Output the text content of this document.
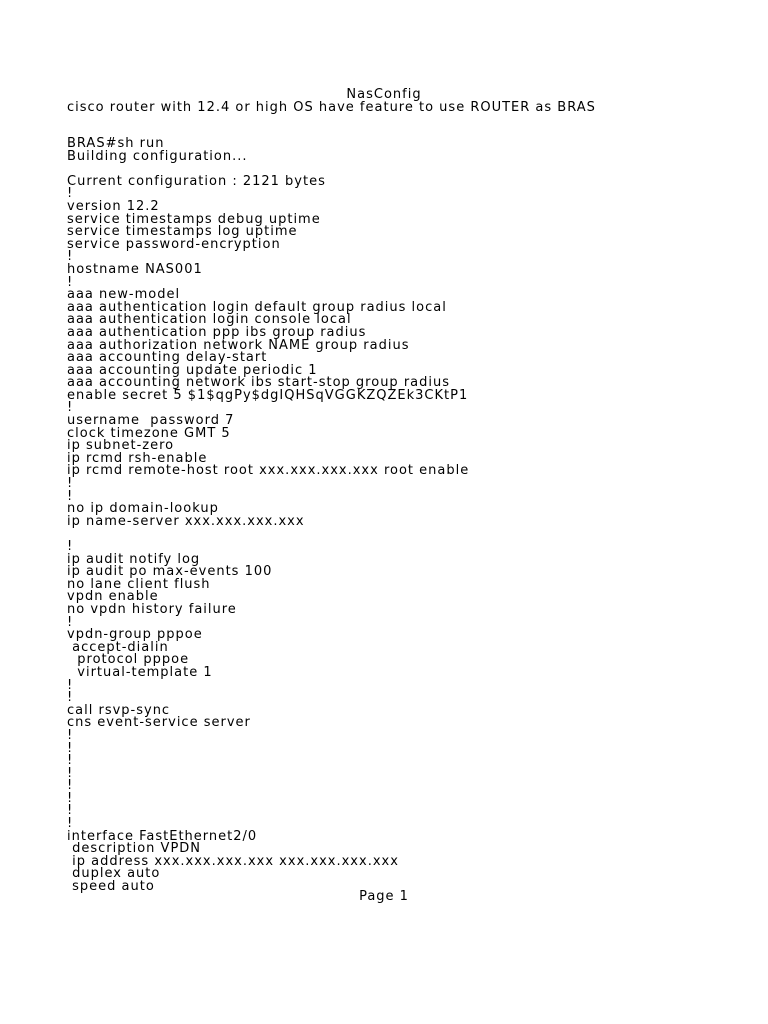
NasConfig
cisco router with 12.4 or high OS have feature to use ROUTER as BRAS
BRAS#sh run
Building configuration...
Current configuration : 2121 bytes
!
version 12.2
service timestamps debug uptime
service timestamps log uptime
service password-encryption
!
hostname NAS001
!
aaa new-model
aaa authentication login default group radius local
aaa authentication login console local
aaa authentication ppp ibs group radius
aaa authorization network NAME group radius
aaa accounting delay-start
aaa accounting update periodic 1
aaa accounting network ibs start-stop group radius
enable secret 5 $1$qgPy$dgIQHSqVGGKZQZEk3CKtP1
!
username  password 7
clock timezone GMT 5
ip subnet-zero
ip rcmd rsh-enable
ip rcmd remote-host root xxx.xxx.xxx.xxx root enable
!
!
no ip domain-lookup
ip name-server xxx.xxx.xxx.xxx
!
ip audit notify log
ip audit po max-events 100
no lane client flush
vpdn enable
no vpdn history failure
!
vpdn-group pppoe
accept-dialin
protocol pppoe
virtual-template 1
!
!
call rsvp-sync
cns event-service server
!
!
!
!
!
!
!
!
interface FastEthernet2/0
description VPDN
ip address xxx.xxx.xxx.xxx xxx.xxx.xxx.xxx
duplex auto
speed auto
Page 1
